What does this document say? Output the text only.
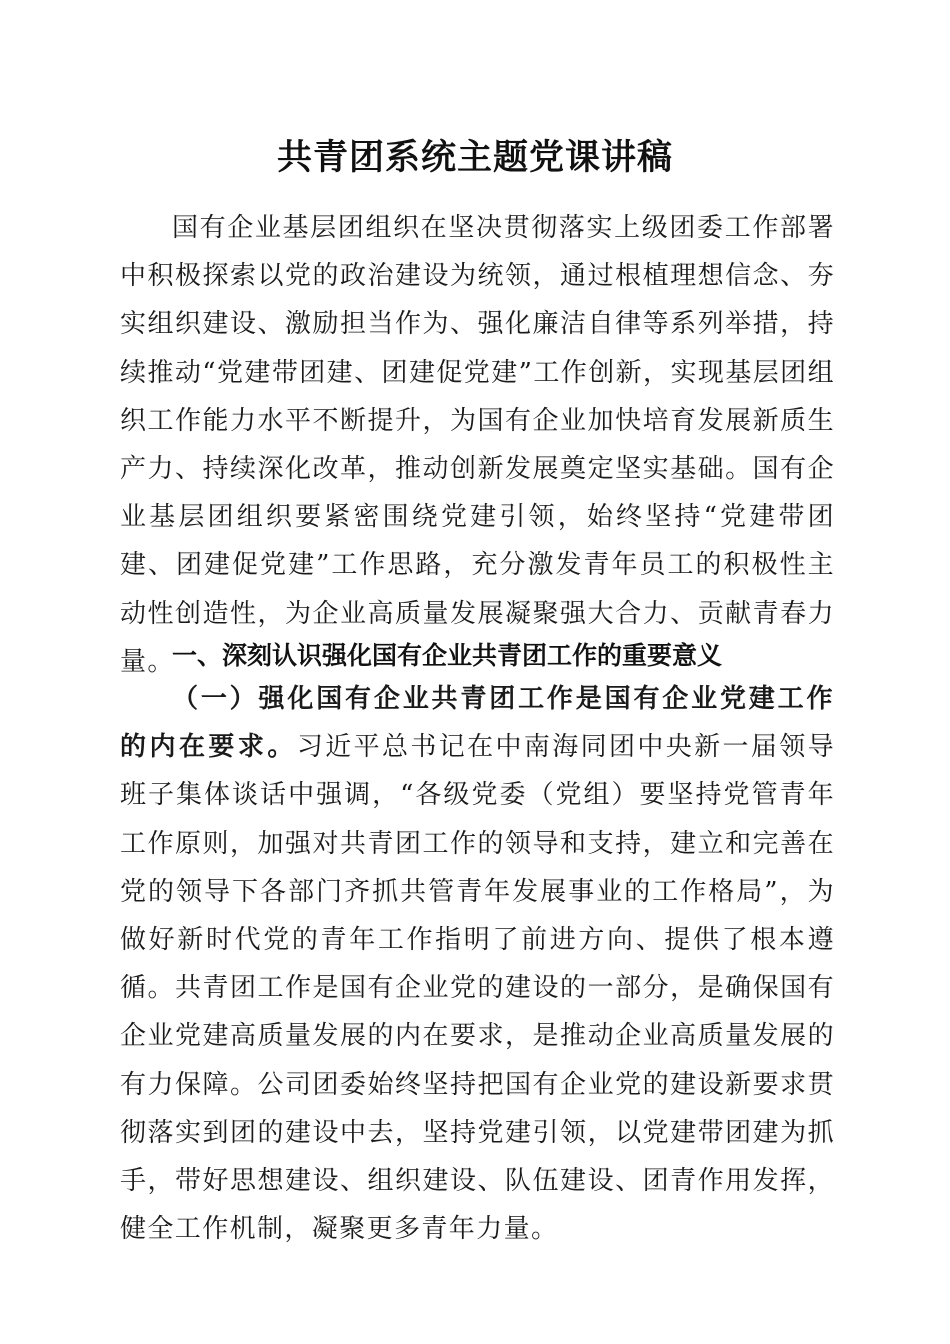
共青团系统主题党课讲稿

国有企业基层团组织在坚决贯彻落实上级团委工作部署中积极探索以党的政治建设为统领，通过根植理想信念、夯实组织建设、激励担当作为、强化廉洁自律等系列举措，持续推动“党建带团建、团建促党建”工作创新，实现基层团组织工作能力水平不断提升，为国有企业加快培育发展新质生产力、持续深化改革，推动创新发展奠定坚实基础。国有企业基层团组织要紧密围绕党建引领，始终坚持“党建带团建、团建促党建”工作思路，充分激发青年员工的积极性主动性创造性，为企业高质量发展凝聚强大合力、贡献青春力量。

一、深刻认识强化国有企业共青团工作的重要意义

（一）强化国有企业共青团工作是国有企业党建工作的内在要求。习近平总书记在中南海同团中央新一届领导班子集体谈话中强调，“各级党委（党组）要坚持党管青年工作原则，加强对共青团工作的领导和支持，建立和完善在党的领导下各部门齐抓共管青年发展事业的工作格局”，为做好新时代党的青年工作指明了前进方向、提供了根本遵循。共青团工作是国有企业党的建设的一部分，是确保国有企业党建高质量发展的内在要求，是推动企业高质量发展的有力保障。公司团委始终坚持把国有企业党的建设新要求贯彻落实到团的建设中去，坚持党建引领，以党建带团建为抓手，带好思想建设、组织建设、队伍建设、团青作用发挥，健全工作机制，凝聚更多青年力量。
